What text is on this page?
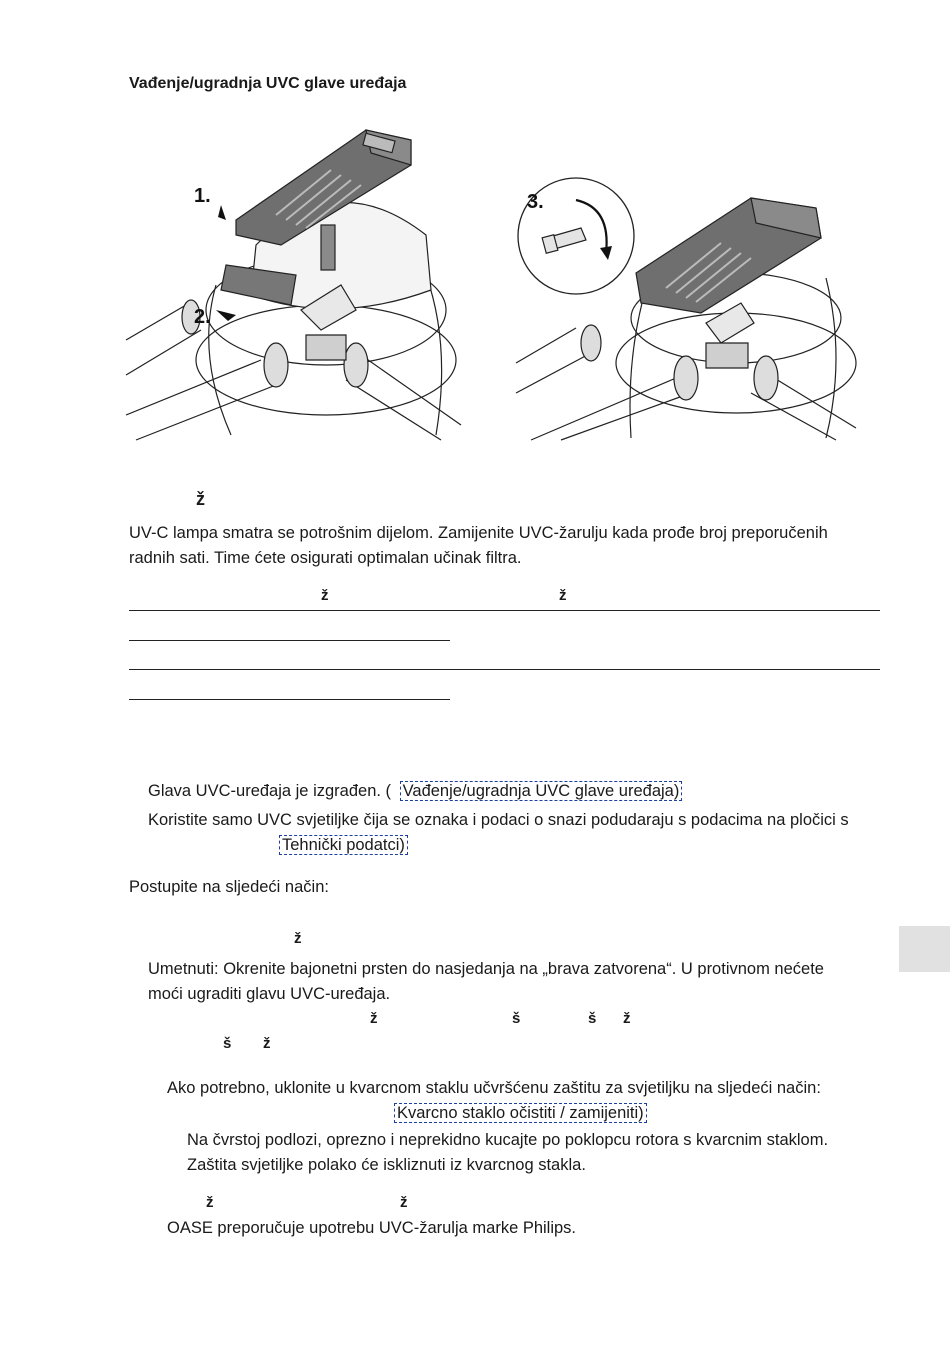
Vađenje/ugradnja UVC glave uređaja
1.
2.
3.
ž
UV-C lampa smatra se potrošnim dijelom. Zamijenite UVC-žarulju kada prođe broj preporučenih
radnih sati. Time ćete osigurati optimalan učinak filtra.
ž	ž
Glava UVC-uređaja je izgrađen. ( Vađenje/ugradnja UVC glave uređaja)
Koristite samo UVC svjetiljke čija se oznaka i podaci o snazi podudaraju s podacima na pločici s
Tehnički podatci)
Postupite na sljedeći način:
ž
Umetnuti: Okrenite bajonetni prsten do nasjedanja na „brava zatvorena“. U protivnom nećete
moći ugraditi glavu UVC-uređaja.
ž	š	š ž
š ž
Ako potrebno, uklonite u kvarcnom staklu učvršćenu zaštitu za svjetiljku na sljedeći način:
Kvarcno staklo očistiti / zamijeniti)
Na čvrstoj podlozi, oprezno i neprekidno kucajte po poklopcu rotora s kvarcnim staklom.
Zaštita svjetiljke polako će iskliznuti iz kvarcnog stakla.
ž	ž
OASE preporučuje upotrebu UVC-žarulja marke Philips.
